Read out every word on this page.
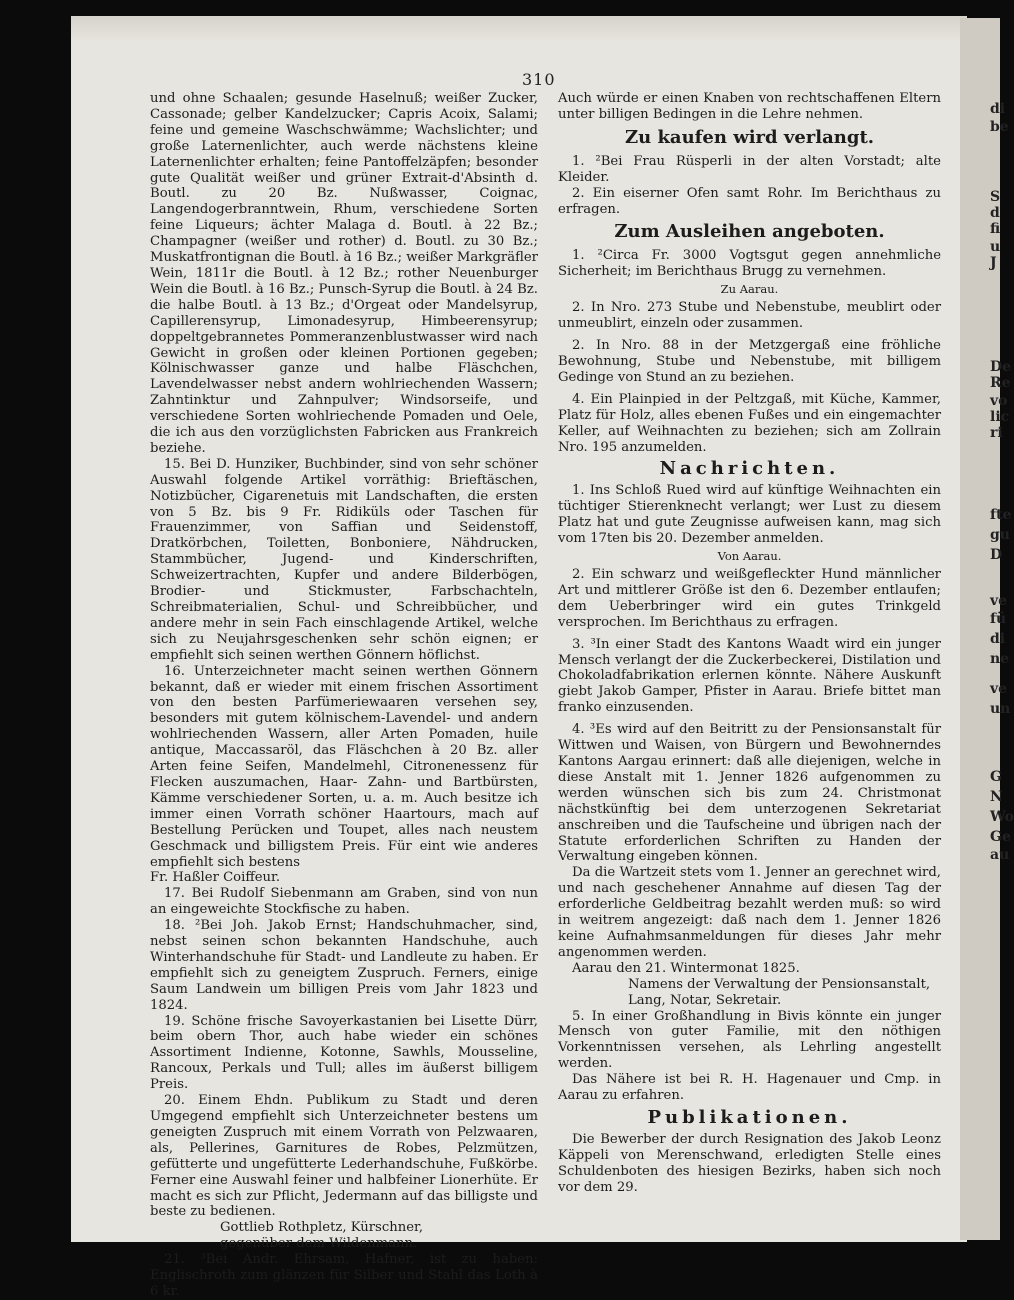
di
be
S
d
fi
u
J
De
Re
vo
lic
ri
fte
gu
D
ve
fü
di
ne
ve
un
G
N
Wo
Ge
au
310

und ohne Schaalen; gesunde Haselnuß; weißer Zucker, Cassonade; gelber Kandelzucker; Capris Acoix, Salami; feine und gemeine Waschschwämme; Wachslichter; und große Laternenlichter, auch werde nächstens kleine Laternenlichter erhalten; feine Pantoffelzäpfen; besonder gute Qualität weißer und grüner Extrait-d'Absinth d. Boutl. zu 20 Bz. Nußwasser, Coignac, Langendogerbranntwein, Rhum, verschiedene Sorten feine Liqueurs; ächter Malaga d. Boutl. à 22 Bz.; Champagner (weißer und rother) d. Boutl. zu 30 Bz.; Muskatfrontignan die Boutl. à 16 Bz.; weißer Markgräfler Wein, 1811r die Boutl. à 12 Bz.; rother Neuenburger Wein die Boutl. à 16 Bz.; Punsch-Syrup die Boutl. à 24 Bz. die halbe Boutl. à 13 Bz.; d'Orgeat oder Mandelsyrup, Capillerensyrup, Limonadesyrup, Himbeerensyrup; doppeltgebrannetes Pommeranzenblustwasser wird nach Gewicht in großen oder kleinen Portionen gegeben; Kölnischwasser ganze und halbe Fläschchen, Lavendelwasser nebst andern wohlriechenden Wassern; Zahntinktur und Zahnpulver; Windsorseife, und verschiedene Sorten wohlriechende Pomaden und Oele, die ich aus den vorzüglichsten Fabricken aus Frankreich beziehe.

15. Bei D. Hunziker, Buchbinder, sind von sehr schöner Auswahl folgende Artikel vorräthig: Brieftäschen, Notizbücher, Cigarenetuis mit Landschaften, die ersten von 5 Bz. bis 9 Fr. Ridiküls oder Taschen für Frauenzimmer, von Saffian und Seidenstoff, Dratkörbchen, Toiletten, Bonboniere, Nähdrucken, Stammbücher, Jugend- und Kinderschriften, Schweizertrachten, Kupfer und andere Bilderbögen, Brodier- und Stickmuster, Farbschachteln, Schreibmaterialien, Schul- und Schreibbücher, und andere mehr in sein Fach einschlagende Artikel, welche sich zu Neujahrsgeschenken sehr schön eignen; er empfiehlt sich seinen werthen Gönnern höflichst.

16. Unterzeichneter macht seinen werthen Gönnern bekannt, daß er wieder mit einem frischen Assortiment von den besten Parfümeriewaaren versehen sey, besonders mit gutem kölnischem-Lavendel- und andern wohlriechenden Wassern, aller Arten Pomaden, huile antique, Maccassaröl, das Fläschchen à 20 Bz. aller Arten feine Seifen, Mandelmehl, Citronenessenz für Flecken auszumachen, Haar- Zahn- und Bartbürsten, Kämme verschiedener Sorten, u. a. m. Auch besitze ich immer einen Vorrath schöner Haartours, mach auf Bestellung Perücken und Toupet, alles nach neustem Geschmack und billigstem Preis. Für eint wie anderes empfiehlt sich bestens

Fr. Haßler Coiffeur.

17. Bei Rudolf Siebenmann am Graben, sind von nun an eingeweichte Stockfische zu haben.

18. ²Bei Joh. Jakob Ernst; Handschuhmacher, sind, nebst seinen schon bekannten Handschuhe, auch Winterhandschuhe für Stadt- und Landleute zu haben. Er empfiehlt sich zu geneigtem Zuspruch. Ferners, einige Saum Landwein um billigen Preis vom Jahr 1823 und 1824.

19. Schöne frische Savoyerkastanien bei Lisette Dürr, beim obern Thor, auch habe wieder ein schönes Assortiment Indienne, Kotonne, Sawhls, Mousseline, Rancoux, Perkals und Tull; alles im äußerst billigem Preis.

20. Einem Ehdn. Publikum zu Stadt und deren Umgegend empfiehlt sich Unterzeichneter bestens um geneigten Zuspruch mit einem Vorrath von Pelzwaaren, als, Pellerines, Garnitures de Robes, Pelzmützen, gefütterte und ungefütterte Lederhandschuhe, Fußkörbe. Ferner eine Auswahl feiner und halbfeiner Lionerhüte. Er macht es sich zur Pflicht, Jedermann auf das billigste und beste zu bedienen.

Gottlieb Rothpletz, Kürschner,

gegenüber dem Wildenmann.

21. ³Bei Andr. Ehrsam, Hafner, ist zu haben: Englischroth zum glänzen für Silber und Stahl das Loth à 6 kr.

Auch würde er einen Knaben von rechtschaffenen Eltern unter billigen Bedingen in die Lehre nehmen.

Zu kaufen wird verlangt.

1. ²Bei Frau Rüsperli in der alten Vorstadt; alte Kleider.

2. Ein eiserner Ofen samt Rohr. Im Berichthaus zu erfragen.

Zum Ausleihen angeboten.

1. ²Circa Fr. 3000 Vogtsgut gegen annehmliche Sicherheit; im Berichthaus Brugg zu vernehmen.

Zu Aarau.

2. In Nro. 273 Stube und Nebenstube, meublirt oder unmeublirt, einzeln oder zusammen.

2. In Nro. 88 in der Metzgergaß eine fröhliche Bewohnung, Stube und Nebenstube, mit billigem Gedinge von Stund an zu beziehen.

4. Ein Plainpied in der Peltzgaß, mit Küche, Kammer, Platz für Holz, alles ebenen Fußes und ein eingemachter Keller, auf Weihnachten zu beziehen; sich am Zollrain Nro. 195 anzumelden.

Nachrichten.

1. Ins Schloß Rued wird auf künftige Weihnachten ein tüchtiger Stierenknecht verlangt; wer Lust zu diesem Platz hat und gute Zeugnisse aufweisen kann, mag sich vom 17ten bis 20. Dezember anmelden.

Von Aarau.

2. Ein schwarz und weißgefleckter Hund männlicher Art und mittlerer Größe ist den 6. Dezember entlaufen; dem Ueberbringer wird ein gutes Trinkgeld versprochen. Im Berichthaus zu erfragen.

3. ³In einer Stadt des Kantons Waadt wird ein junger Mensch verlangt der die Zuckerbeckerei, Distilation und Chokoladfabrikation erlernen könnte. Nähere Auskunft giebt Jakob Gamper, Pfister in Aarau. Briefe bittet man franko einzusenden.

4. ³Es wird auf den Beitritt zu der Pensionsanstalt für Wittwen und Waisen, von Bürgern und Bewohnerndes Kantons Aargau erinnert: daß alle diejenigen, welche in diese Anstalt mit 1. Jenner 1826 aufgenommen zu werden wünschen sich bis zum 24. Christmonat nächstkünftig bei dem unterzogenen Sekretariat anschreiben und die Taufscheine und übrigen nach der Statute erforderlichen Schriften zu Handen der Verwaltung eingeben können.

Da die Wartzeit stets vom 1. Jenner an gerechnet wird, und nach geschehener Annahme auf diesen Tag der erforderliche Geldbeitrag bezahlt werden muß: so wird in weitrem angezeigt: daß nach dem 1. Jenner 1826 keine Aufnahmsanmeldungen für dieses Jahr mehr angenommen werden.

Aarau den 21. Wintermonat 1825.

Namens der Verwaltung der Pensionsanstalt,

Lang, Notar, Sekretair.

5. In einer Großhandlung in Bivis könnte ein junger Mensch von guter Familie, mit den nöthigen Vorkenntnissen versehen, als Lehrling angestellt werden.

Das Nähere ist bei R. H. Hagenauer und Cmp. in Aarau zu erfahren.

Publikationen.

Die Bewerber der durch Resignation des Jakob Leonz Käppeli von Merenschwand, erledigten Stelle eines Schuldenboten des hiesigen Bezirks, haben sich noch vor dem 29.
